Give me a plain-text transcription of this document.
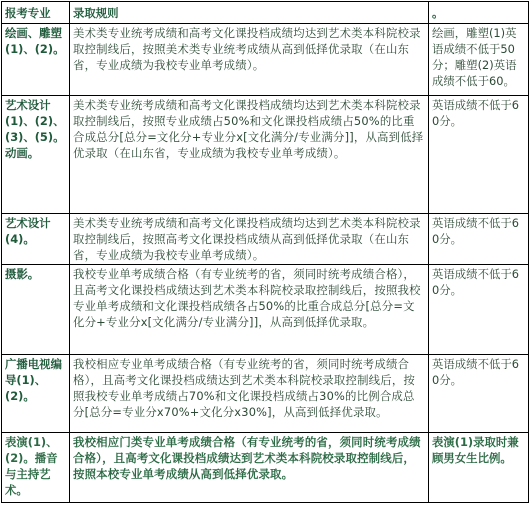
报考专业	录取规则	。
绘画、雕塑(1)、(2)。	美术类专业统考成绩和高考文化课投档成绩均达到艺术类本科院校录取控制线后，按照美术类专业统考成绩从高到低择优录取（在山东省，专业成绩为我校专业单考成绩）。	绘画，雕塑(1)英语成绩不低于50分；雕塑(2)英语成绩不低于60。
艺术设计(1)、(2)、(3)、(5)。动画。	美术类专业统考成绩和高考文化课投档成绩均达到艺术类本科院校录取控制线后，按照专业成绩占50%和文化课投档成绩占50%的比重合成总分[总分=文化分+专业分x[文化满分/专业满分]]，从高到低择优录取（在山东省，专业成绩为我校专业单考成绩）。	英语成绩不低于60分。
艺术设计(4)。	美术类专业统考成绩和高考文化课投档成绩均达到艺术类本科院校录取控制线后，按照高考文化课投档成绩从高到低择优录取（在山东省，专业成绩为我校专业单考成绩）。	英语成绩不低于60分。
摄影。	我校专业单考成绩合格（有专业统考的省，须同时统考成绩合格），且高考文化课投档成绩达到艺术类本科院校录取控制线后，按照我校专业单考成绩和文化课投档成绩各占50%的比重合成总分[总分=文化分+专业分x[文化满分/专业满分]]，从高到低择优录取。	英语成绩不低于60分。
广播电视编导(1)、(2)。	我校相应专业单考成绩合格（有专业统考的省，须同时统考成绩合格），且高考文化课投档成绩达到艺术类本科院校录取控制线后，按照我校专业单考成绩占70%和文化课投档成绩占30%的比例合成总分[总分=专业分x70%+文化分x30%]，从高到低择优录取。	英语成绩不低于60分。
表演(1)、(2)。播音与主持艺术。	我校相应门类专业单考成绩合格（有专业统考的省，须同时统考成绩合格），且高考文化课投档成绩达到艺术类本科院校录取控制线后，按照本校专业单考成绩从高到低择优录取。	表演(1)录取时兼顾男女生比例。
